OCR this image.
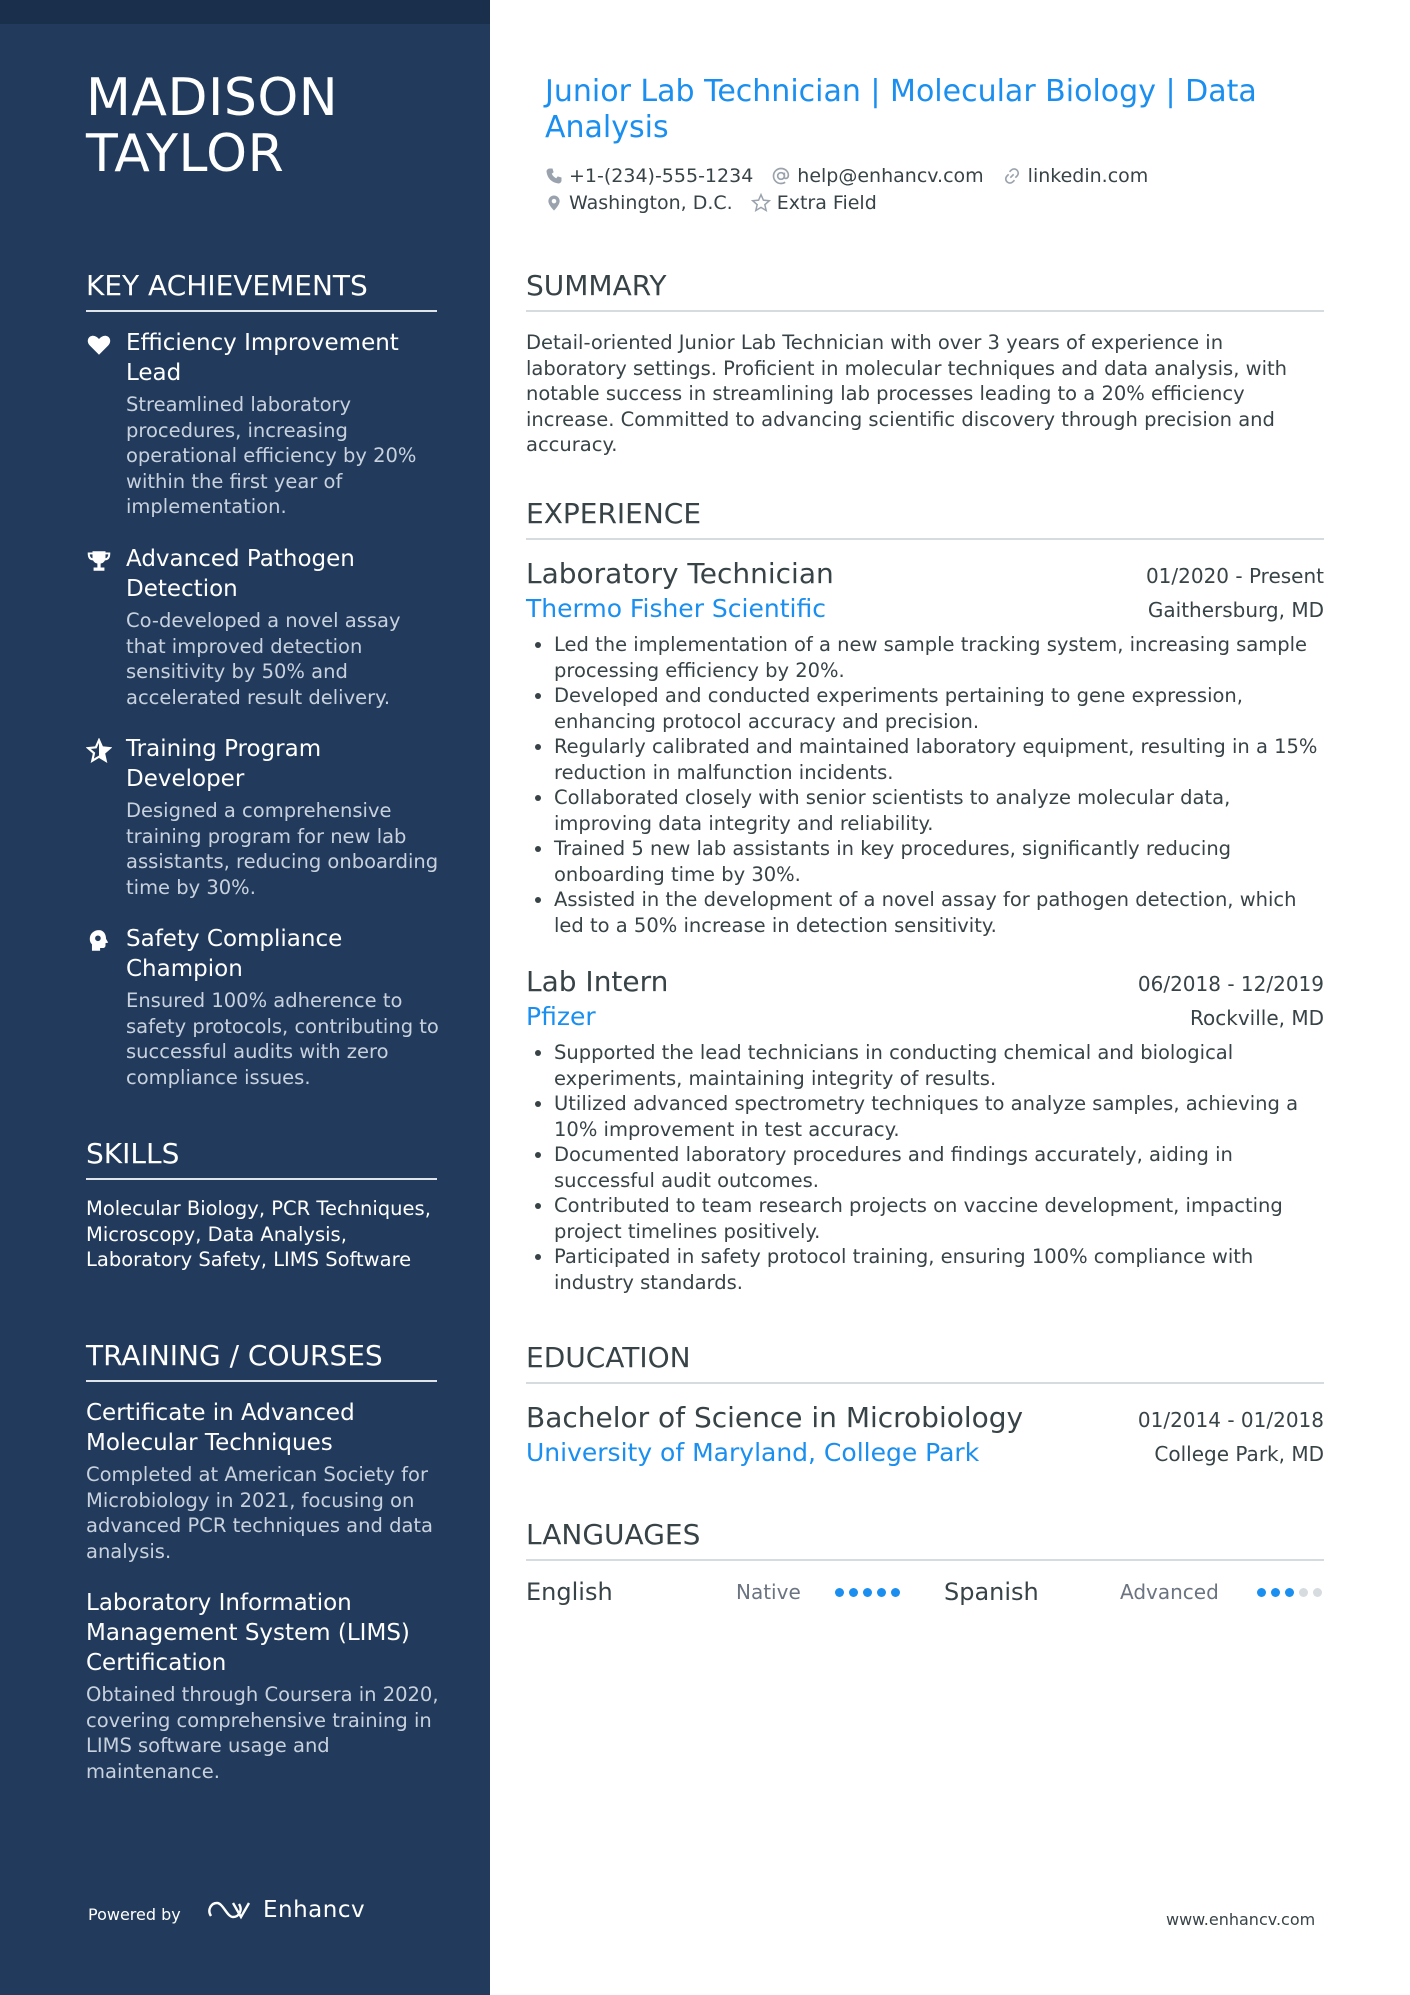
MADISON
TAYLOR
KEY ACHIEVEMENTS
Efficiency Improvement Lead
Streamlined laboratory procedures, increasing operational efficiency by 20% within the first year of implementation.
Advanced Pathogen Detection
Co-developed a novel assay that improved detection sensitivity by 50% and accelerated result delivery.
Training Program Developer
Designed a comprehensive training program for new lab assistants, reducing onboarding time by 30%.
Safety Compliance Champion
Ensured 100% adherence to safety protocols, contributing to successful audits with zero compliance issues.
SKILLS
Molecular Biology, PCR Techniques, Microscopy, Data Analysis, Laboratory Safety, LIMS Software
TRAINING / COURSES
Certificate in Advanced Molecular Techniques
Completed at American Society for Microbiology in 2021, focusing on advanced PCR techniques and data analysis.
Laboratory Information Management System (LIMS) Certification
Obtained through Coursera in 2020, covering comprehensive training in LIMS software usage and maintenance.
Powered by	Enhancv
Junior Lab Technician | Molecular Biology | Data Analysis
+1-(234)-555-1234 help@enhancv.com linkedin.com
Washington, D.C. Extra Field
SUMMARY
Detail-oriented Junior Lab Technician with over 3 years of experience in laboratory settings. Proficient in molecular techniques and data analysis, with notable success in streamlining lab processes leading to a 20% efficiency increase. Committed to advancing scientific discovery through precision and accuracy.
EXPERIENCE
Laboratory Technician	01/2020 - Present
Thermo Fisher Scientific	Gaithersburg, MD
• Led the implementation of a new sample tracking system, increasing sample processing efficiency by 20%.
• Developed and conducted experiments pertaining to gene expression, enhancing protocol accuracy and precision.
• Regularly calibrated and maintained laboratory equipment, resulting in a 15% reduction in malfunction incidents.
• Collaborated closely with senior scientists to analyze molecular data, improving data integrity and reliability.
• Trained 5 new lab assistants in key procedures, significantly reducing onboarding time by 30%.
• Assisted in the development of a novel assay for pathogen detection, which led to a 50% increase in detection sensitivity.
Lab Intern	06/2018 - 12/2019
Pfizer	Rockville, MD
• Supported the lead technicians in conducting chemical and biological experiments, maintaining integrity of results.
• Utilized advanced spectrometry techniques to analyze samples, achieving a 10% improvement in test accuracy.
• Documented laboratory procedures and findings accurately, aiding in successful audit outcomes.
• Contributed to team research projects on vaccine development, impacting project timelines positively.
• Participated in safety protocol training, ensuring 100% compliance with industry standards.
EDUCATION
Bachelor of Science in Microbiology	01/2014 - 01/2018
University of Maryland, College Park	College Park, MD
LANGUAGES
English	Native	Spanish	Advanced
www.enhancv.com
